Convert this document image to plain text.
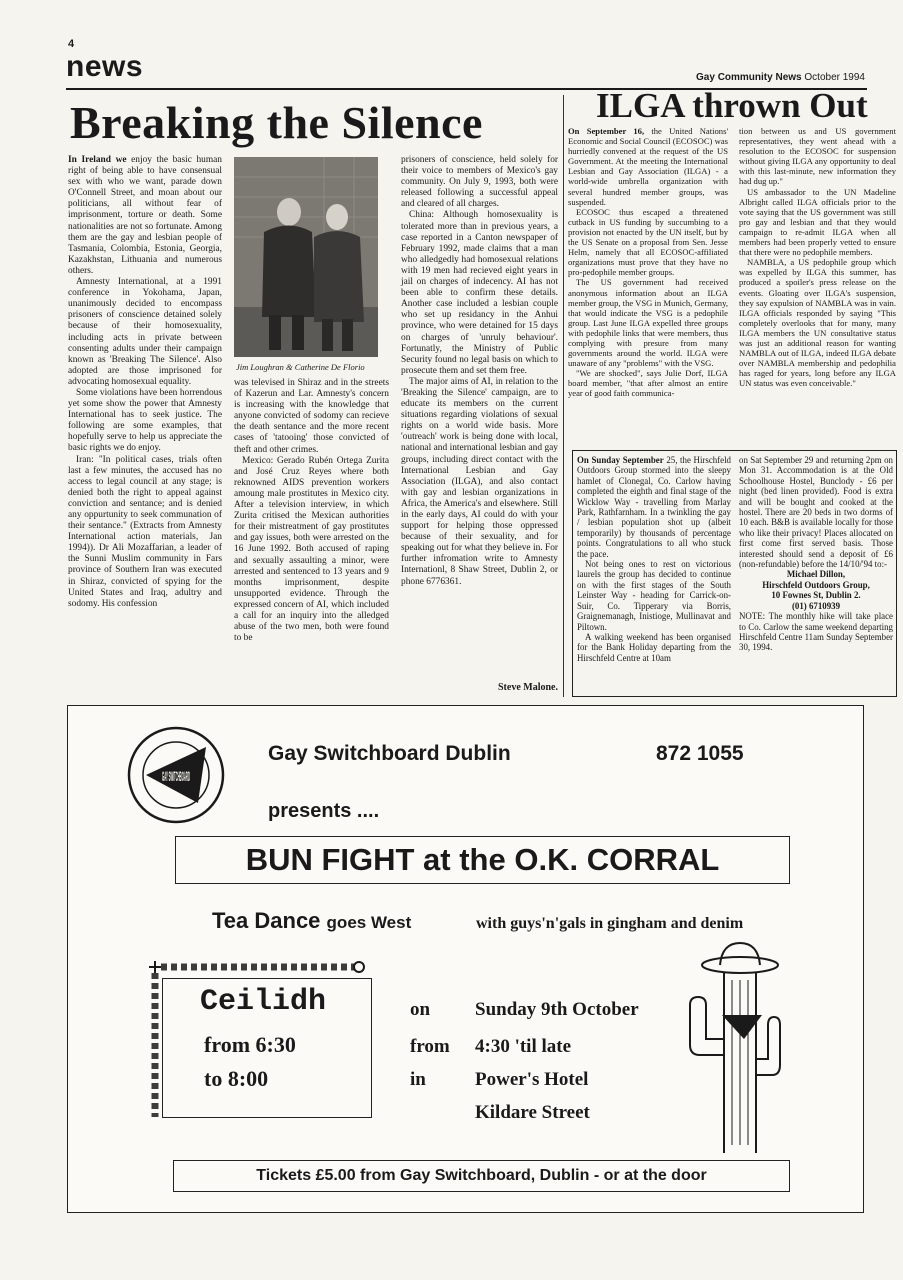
4
news	Gay Community News October 1994
Breaking the Silence

In Ireland we enjoy the basic human right of being able to have consensual sex with who we want, parade down O'Connell Street, and moan about our politicians, all without fear of imprisonment, torture or death. Some nationalities are not so fortunate. Among them are the gay and lesbian people of Tasmania, Colombia, Estonia, Georgia, Kazakhstan, Lithuania and numerous others.

Amnesty International, at a 1991 conference in Yokohama, Japan, unanimously decided to encompass prisoners of conscience detained solely because of their homosexuality, including acts in private between consenting adults under their campaign known as 'Breaking The Silence'. Also adopted are those imprisoned for advocating homosexual equality.

Some violations have been horrendous yet some show the power that Amnesty International has to seek justice. The following are some examples, that hopefully serve to help us appreciate the basic rights we do enjoy.

Iran: "In political cases, trials often last a few minutes, the accused has no access to legal council at any stage; is denied both the right to appeal against conviction and sentance; and is denied any oppurtunity to seek communation of their sentance." (Extracts from Amnesty International action materials, Jan 1994)). Dr Ali Mozaffarian, a leader of the Sunni Muslim community in Fars province of Southern Iran was executed in Shiraz, convicted of spying for the United States and Iraq, adultry and sodomy. His confession

Jim Loughran & Catherine De Florio

was televised in Shiraz and in the streets of Kazerun and Lar. Amnesty's concern is increasing with the knowledge that anyone convicted of sodomy can recieve the death sentance and the more recent cases of 'tatooing' those convicted of theft and other crimes.

Mexico: Gerado Rubén Ortega Zurita and José Cruz Reyes where both reknowned AIDS prevention workers amoung male prostitutes in Mexico city. After a television interview, in which Zurita critised the Mexican authorities for their mistreatment of gay prostitutes and gay issues, both were arrested on the 16 June 1992. Both accused of raping and sexually assaulting a minor, were arrested and sentenced to 13 years and 9 months imprisonment, despite unsupported evidence. Through the expressed concern of AI, which included a call for an inquiry into the alledged abuse of the two men, both were found to be

prisoners of conscience, held solely for their voice to members of Mexico's gay community. On July 9, 1993, both were released following a successful appeal and cleared of all charges.

China: Although homosexuality is tolerated more than in previous years, a case reported in a Canton newspaper of February 1992, made claims that a man who alledgedly had homosexual relations with 19 men had recieved eight years in jail on charges of indecency. AI has not been able to confirm these details. Another case included a lesbian couple who set up residancy in the Anhui province, who were detained for 15 days on charges of 'unruly behaviour'. Fortunatly, the Ministry of Public Security found no legal basis on which to prosecute them and set them free.

The major aims of AI, in relation to the 'Breaking the Silence' campaign, are to educate its members on the current situations regarding violations of sexual rights on a world wide basis. More 'outreach' work is being done with local, national and international lesbian and gay groups, including direct contact with the International Lesbian and Gay Association (ILGA), and also contact with gay and lesbian organizations in Africa, the America's and elsewhere. Still in the early days, AI could do with your support for helping those oppressed because of their sexuality, and for speaking out for what they believe in. For further infromation write to Amnesty Internationl, 8 Shaw Street, Dublin 2, or phone 6776361.

Steve Malone.
ILGA thrown Out

On September 16, the United Nations' Economic and Social Council (ECOSOC) was hurriedly convened at the request of the US Government. At the meeting the International Lesbian and Gay Association (ILGA) - a world-wide umbrella organization with several hundred member groups, was suspended.

ECOSOC thus escaped a threatened cutback in US funding by succumbing to a provision not enacted by the UN itself, but by the US Senate on a proposal from Sen. Jesse Helm, namely that all ECOSOC-affiliated organizations must prove that they have no pro-pedophile member groups.

The US government had received anonymous information about an ILGA member group, the VSG in Munich, Germany, that would indicate the VSG is a pedophile group. Last June ILGA expelled three groups with pedophile links that were members, thus complying with presure from many governments around the world. ILGA were unaware of any "problems" with the VSG.

"We are shocked", says Julie Dorf, ILGA board member, "that after almost an entire year of good faith communica-

tion between us and US government representatives, they went ahead with a resolution to the ECOSOC for suspension without giving ILGA any opportunity to deal with this last-minute, new information they had dug up."

US ambassador to the UN Madeline Albright called ILGA officials prior to the vote saying that the US government was still pro gay and lesbian and that they would campaign to re-admit ILGA when all members had been properly vetted to ensure that there were no pedophile members.

NAMBLA, a US pedophile group which was expelled by ILGA this summer, has produced a spoiler's press release on the events. Gloating over ILGA's suspension, they say expulsion of NAMBLA was in vain. ILGA officials responded by saying "This completely overlooks that for many, many ILGA members the UN consultative status was just an additional reason for wanting NAMBLA out of ILGA, indeed ILGA debate over NAMBLA membership and pedophilia has raged for years, long before any ILGA UN status was even conceivable."

On Sunday September 25, the Hirschfeld Outdoors Group stormed into the sleepy hamlet of Clonegal, Co. Carlow having completed the eighth and final stage of the Wicklow Way - travelling from Marlay Park, Rathfarnham. In a twinkling the gay / lesbian population shot up (albeit temporarily) by thousands of percentage points. Congratulations to all who stuck the pace.

Not being ones to rest on victorious laurels the group has decided to continue on with the first stages of the South Leinster Way - heading for Carrick-on-Suir, Co. Tipperary via Borris, Graignemanagh, Inistioge, Mullinavat and Piltown.

A walking weekend has been organised for the Bank Holiday departing from the Hirschfeld Centre at 10am

on Sat September 29 and returning 2pm on Mon 31. Accommodation is at the Old Schoolhouse Hostel, Bunclody - £6 per night (bed linen provided). Food is extra and will be bought and cooked at the hostel. There are 20 beds in two dorms of 10 each. B&B is available locally for those who like their privacy! Places allocated on first come first served basis. Those interested should send a deposit of £6 (non-refundable) before the 14/10/'94 to:-

Michael Dillon,

Hirschfeld Outdoors Group,

10 Fownes St, Dublin 2.

(01) 6710939

NOTE: The monthly hike will take place to Co. Carlow the same weekend departing Hirschfeld Centre 11am Sunday September 30, 1994.

GAY SWITCHBOARD
Gay Switchboard Dublin	872 1055
presents ....
BUN FIGHT at the O.K. CORRAL
Tea Dance goes West	with guys'n'gals in gingham and denim
Ceilidh
from 6:30
to 8:00
on
from
in
Sunday 9th October
4:30 'til late
Power's Hotel
Kildare Street
Tickets £5.00 from Gay Switchboard, Dublin - or at the door
